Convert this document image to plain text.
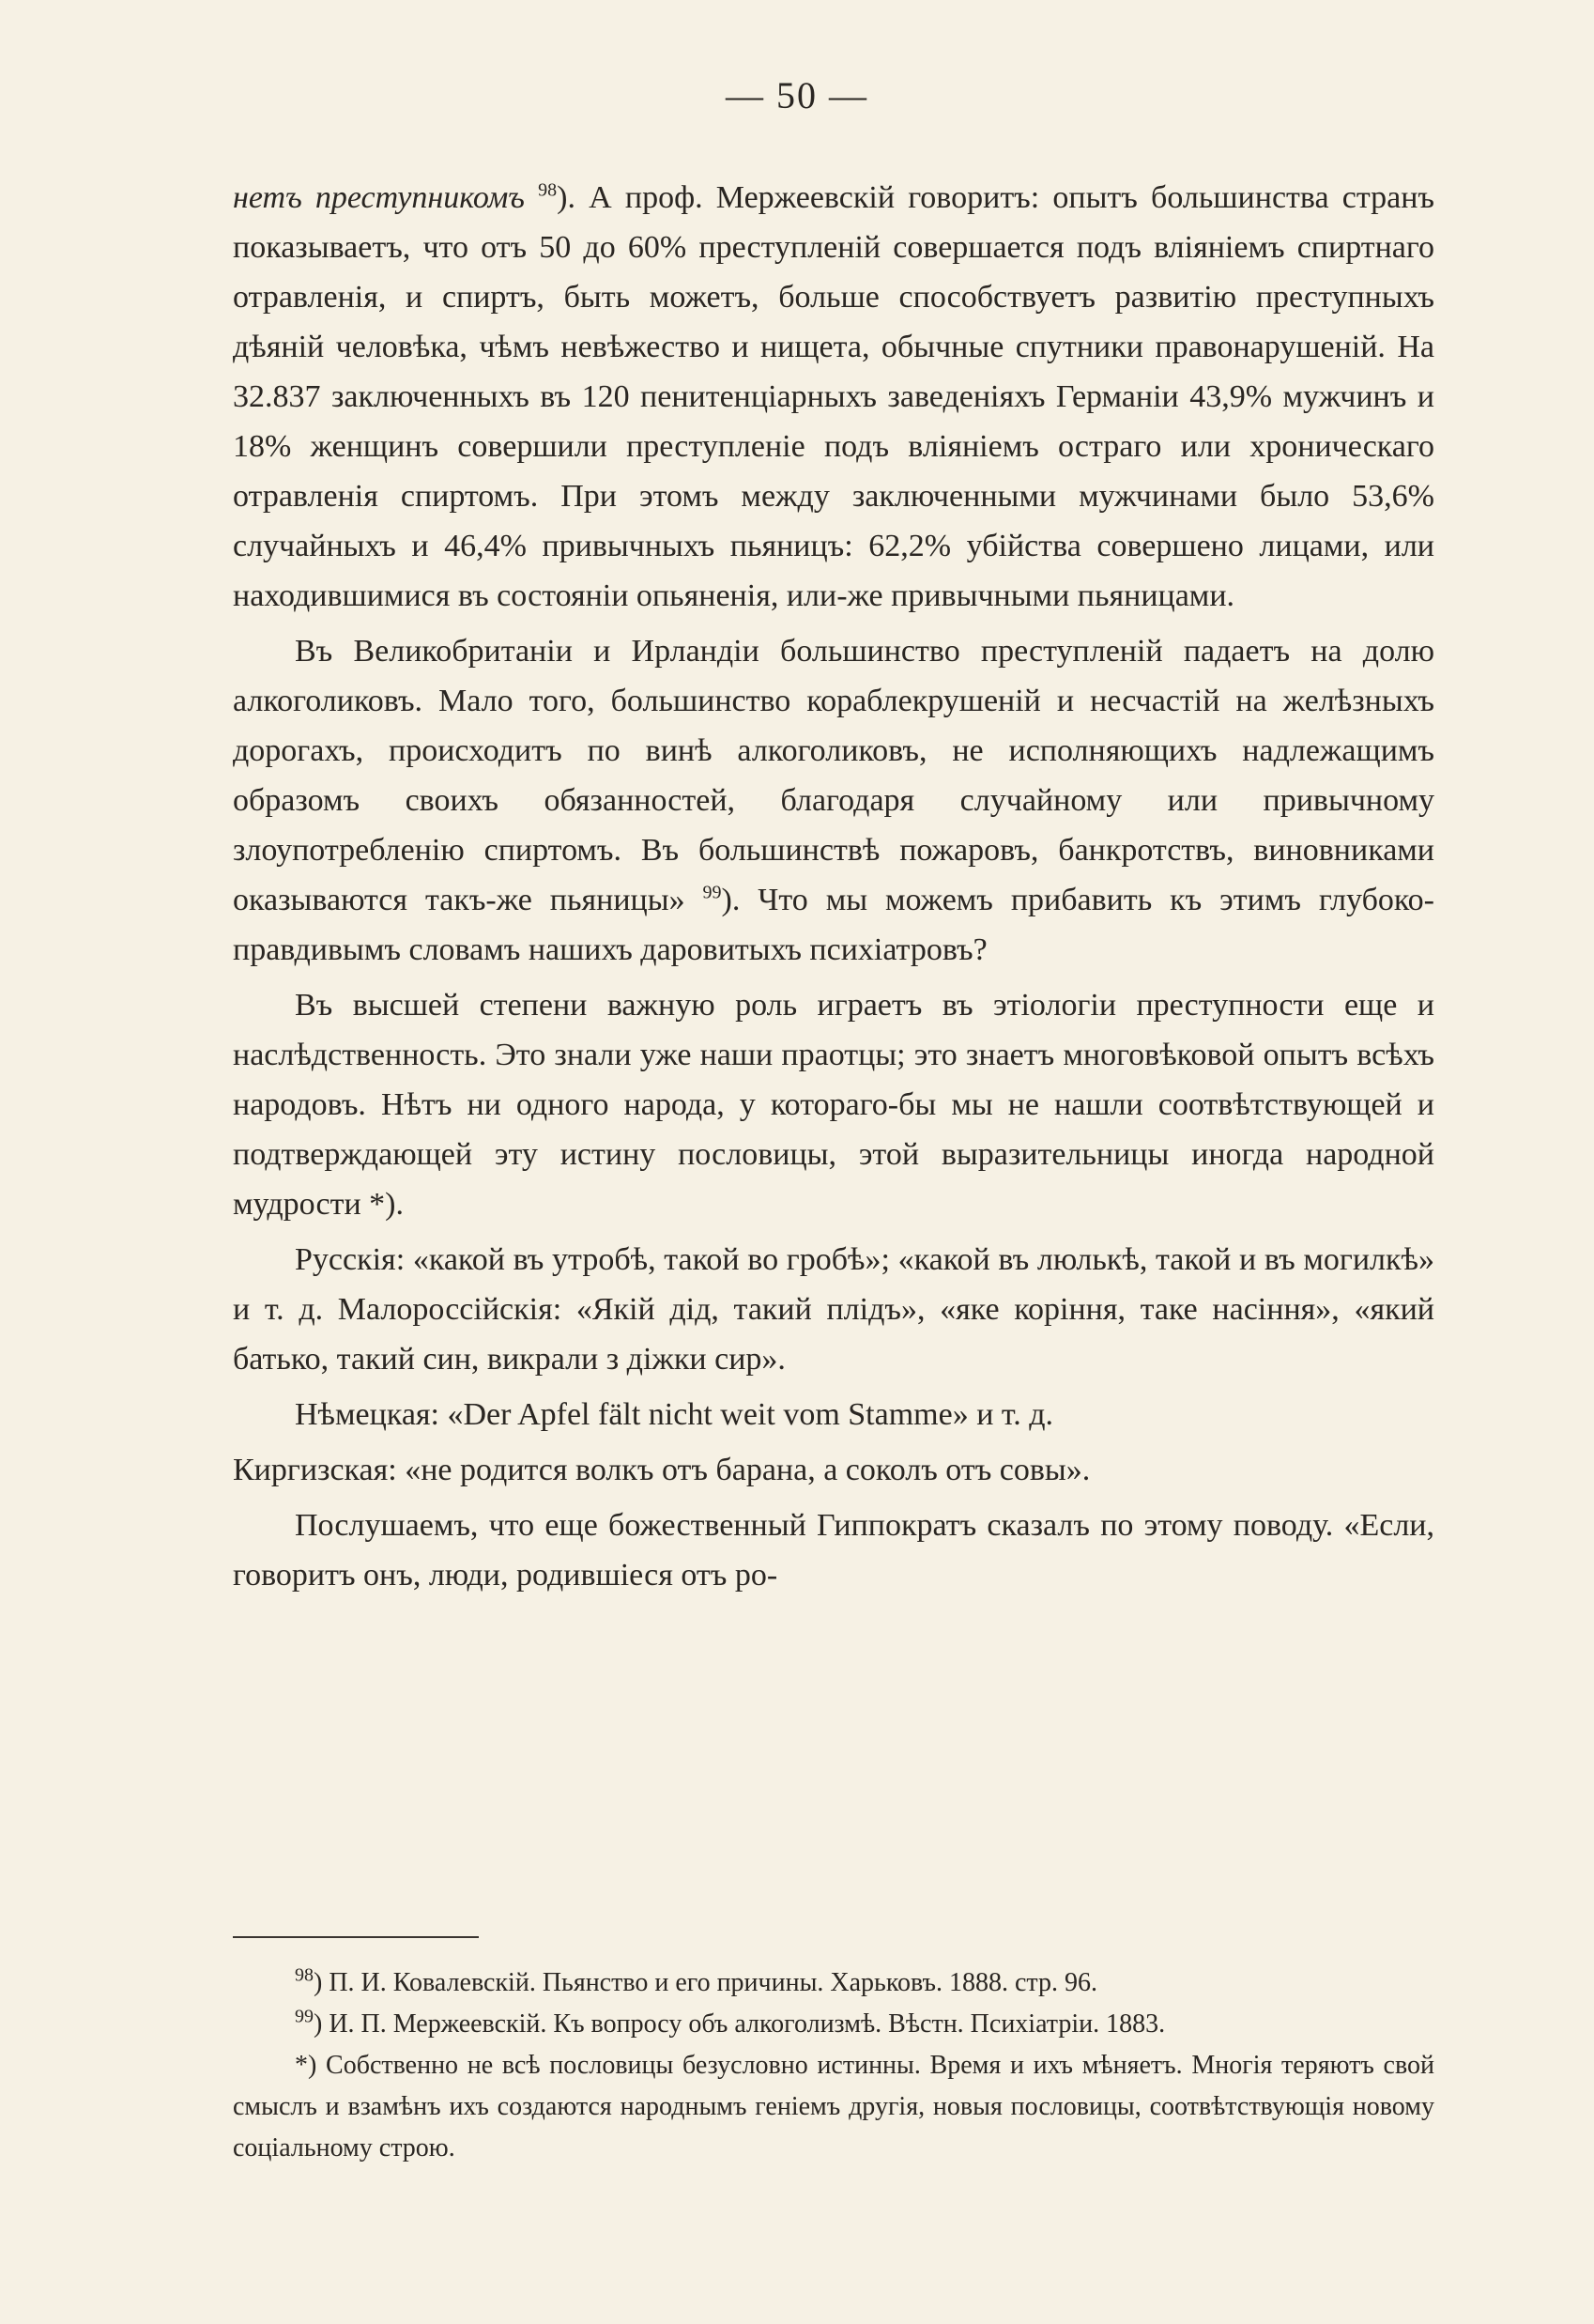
— 50 —

нетъ преступникомъ $^{98}$). А проф. Мержеевскій говоритъ: опытъ большинства странъ показываетъ, что отъ 50 до 60% преступленій совершается подъ вліяніемъ спиртнаго отравленія, и спиртъ, быть можетъ, больше способствуетъ развитію преступныхъ дѣяній человѣка, чѣмъ невѣжество и нищета, обычные спутники правонарушеній. На 32.837 заключенныхъ въ 120 пенитенціарныхъ заведеніяхъ Германіи 43,9% мужчинъ и 18% женщинъ совершили преступленіе подъ вліяніемъ остраго или хроническаго отравленія спиртомъ. При этомъ между заключенными мужчинами было 53,6% случайныхъ и 46,4% привычныхъ пьяницъ: 62,2% убійства совершено лицами, или находившимися въ состояніи опьяненія, или-же привычными пьяницами.

Въ Великобританіи и Ирландіи большинство преступленій падаетъ на долю алкоголиковъ. Мало того, большинство кораблекрушеній и несчастій на желѣзныхъ дорогахъ, происходитъ по винѣ алкоголиковъ, не исполняющихъ надлежащимъ образомъ своихъ обязанностей, благодаря случайному или привычному злоупотребленію спиртомъ. Въ большинствѣ пожаровъ, банкротствъ, виновниками оказываются такъ-же пьяницы» $^{99}$). Что мы можемъ прибавить къ этимъ глубоко-правдивымъ словамъ нашихъ даровитыхъ психіатровъ?

Въ высшей степени важную роль играетъ въ этіологіи преступности еще и наслѣдственность. Это знали уже наши праотцы; это знаетъ многовѣковой опытъ всѣхъ народовъ. Нѣтъ ни одного народа, у котораго-бы мы не нашли соотвѣтствующей и подтверждающей эту истину пословицы, этой выразительницы иногда народной мудрости *).

Русскія: «какой въ утробѣ, такой во гробѣ»; «какой въ люлькѣ, такой и въ могилкѣ» и т. д. Малороссійскія: «Якій дід, такий плідъ», «яке корiння, таке насiння», «який батько, такий син, викрали з діжки сир».

Нѣмецкая: «Der Apfel fält nicht weit vom Stamme» и т. д.

Киргизская: «не родится волкъ отъ барана, а соколъ отъ совы».

Послушаемъ, что еще божественный Гиппократъ сказалъ по этому поводу. «Если, говоритъ онъ, люди, родившіеся отъ ро-

$^{98}$) П. И. Ковалевскій. Пьянство и его причины. Харьковъ. 1888. стр. 96.

$^{99}$) И. П. Мержеевскій. Къ вопросу объ алкоголизмѣ. Вѣстн. Психіатріи. 1883.

*) Собственно не всѣ пословицы безусловно истинны. Время и ихъ мѣняетъ. Многія теряютъ свой смыслъ и взамѣнъ ихъ создаются народнымъ геніемъ другія, новыя пословицы, соотвѣтствующія новому соціальному строю.
